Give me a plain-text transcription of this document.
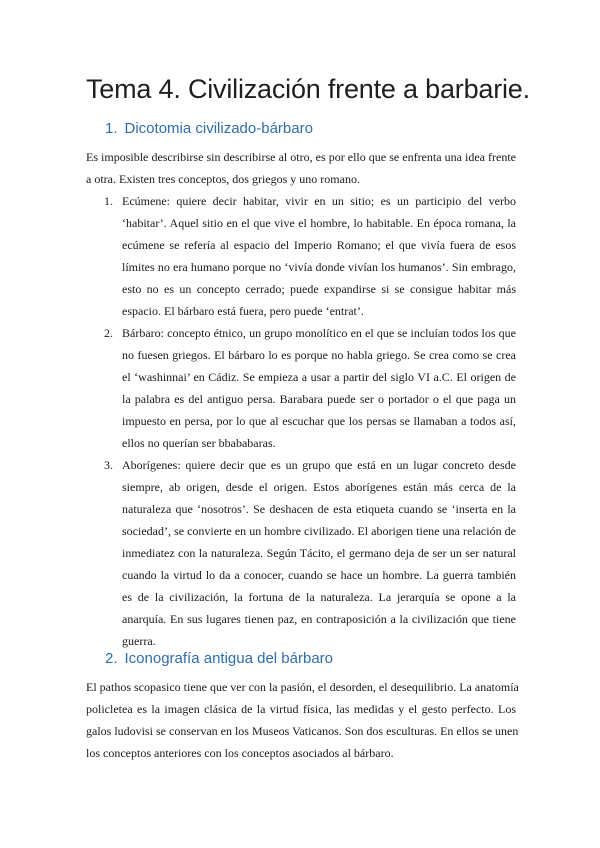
Tema 4. Civilización frente a barbarie.
1. Dicotomia civilizado-bárbaro
Es imposible describirse sin describirse al otro, es por ello que se enfrenta una idea frente
a otra. Existen tres conceptos, dos griegos y uno romano.
1. Ecúmene: quiere decir habitar, vivir en un sitio; es un participio del verbo
‘habitar’. Aquel sitio en el que vive el hombre, lo habitable. En época romana, la
ecúmene se refería al espacio del Imperio Romano; el que vivía fuera de esos
límites no era humano porque no ‘vivía donde vivían los humanos’. Sin embrago,
esto no es un concepto cerrado; puede expandirse si se consigue habitar más
espacio. El bárbaro está fuera, pero puede ‘entrat’.
2. Bárbaro: concepto étnico, un grupo monolítico en el que se incluían todos los que
no fuesen griegos. El bárbaro lo es porque no habla griego. Se crea como se crea
el ‘washinnai’ en Cádiz. Se empieza a usar a partir del siglo VI a.C. El origen de
la palabra es del antiguo persa. Barabara puede ser o portador o el que paga un
impuesto en persa, por lo que al escuchar que los persas se llamaban a todos así,
ellos no querían ser bbababaras.
3. Aborígenes: quiere decir que es un grupo que está en un lugar concreto desde
siempre, ab origen, desde el origen. Estos aborígenes están más cerca de la
naturaleza que ‘nosotros’. Se deshacen de esta etiqueta cuando se ‘inserta en la
sociedad’, se convierte en un hombre civilizado. El aborigen tiene una relación de
inmediatez con la naturaleza. Según Tácito, el germano deja de ser un ser natural
cuando la virtud lo da a conocer, cuando se hace un hombre. La guerra también
es de la civilización, la fortuna de la naturaleza. La jerarquía se opone a la
anarquía. En sus lugares tienen paz, en contraposición a la civilización que tiene
guerra.
2. Iconografía antigua del bárbaro
El pathos scopasico tiene que ver con la pasión, el desorden, el desequilibrio. La anatomía
policletea es la imagen clásica de la virtud física, las medidas y el gesto perfecto. Los
galos ludovisi se conservan en los Museos Vaticanos. Son dos esculturas. En ellos se unen
los conceptos anteriores con los conceptos asociados al bárbaro.
